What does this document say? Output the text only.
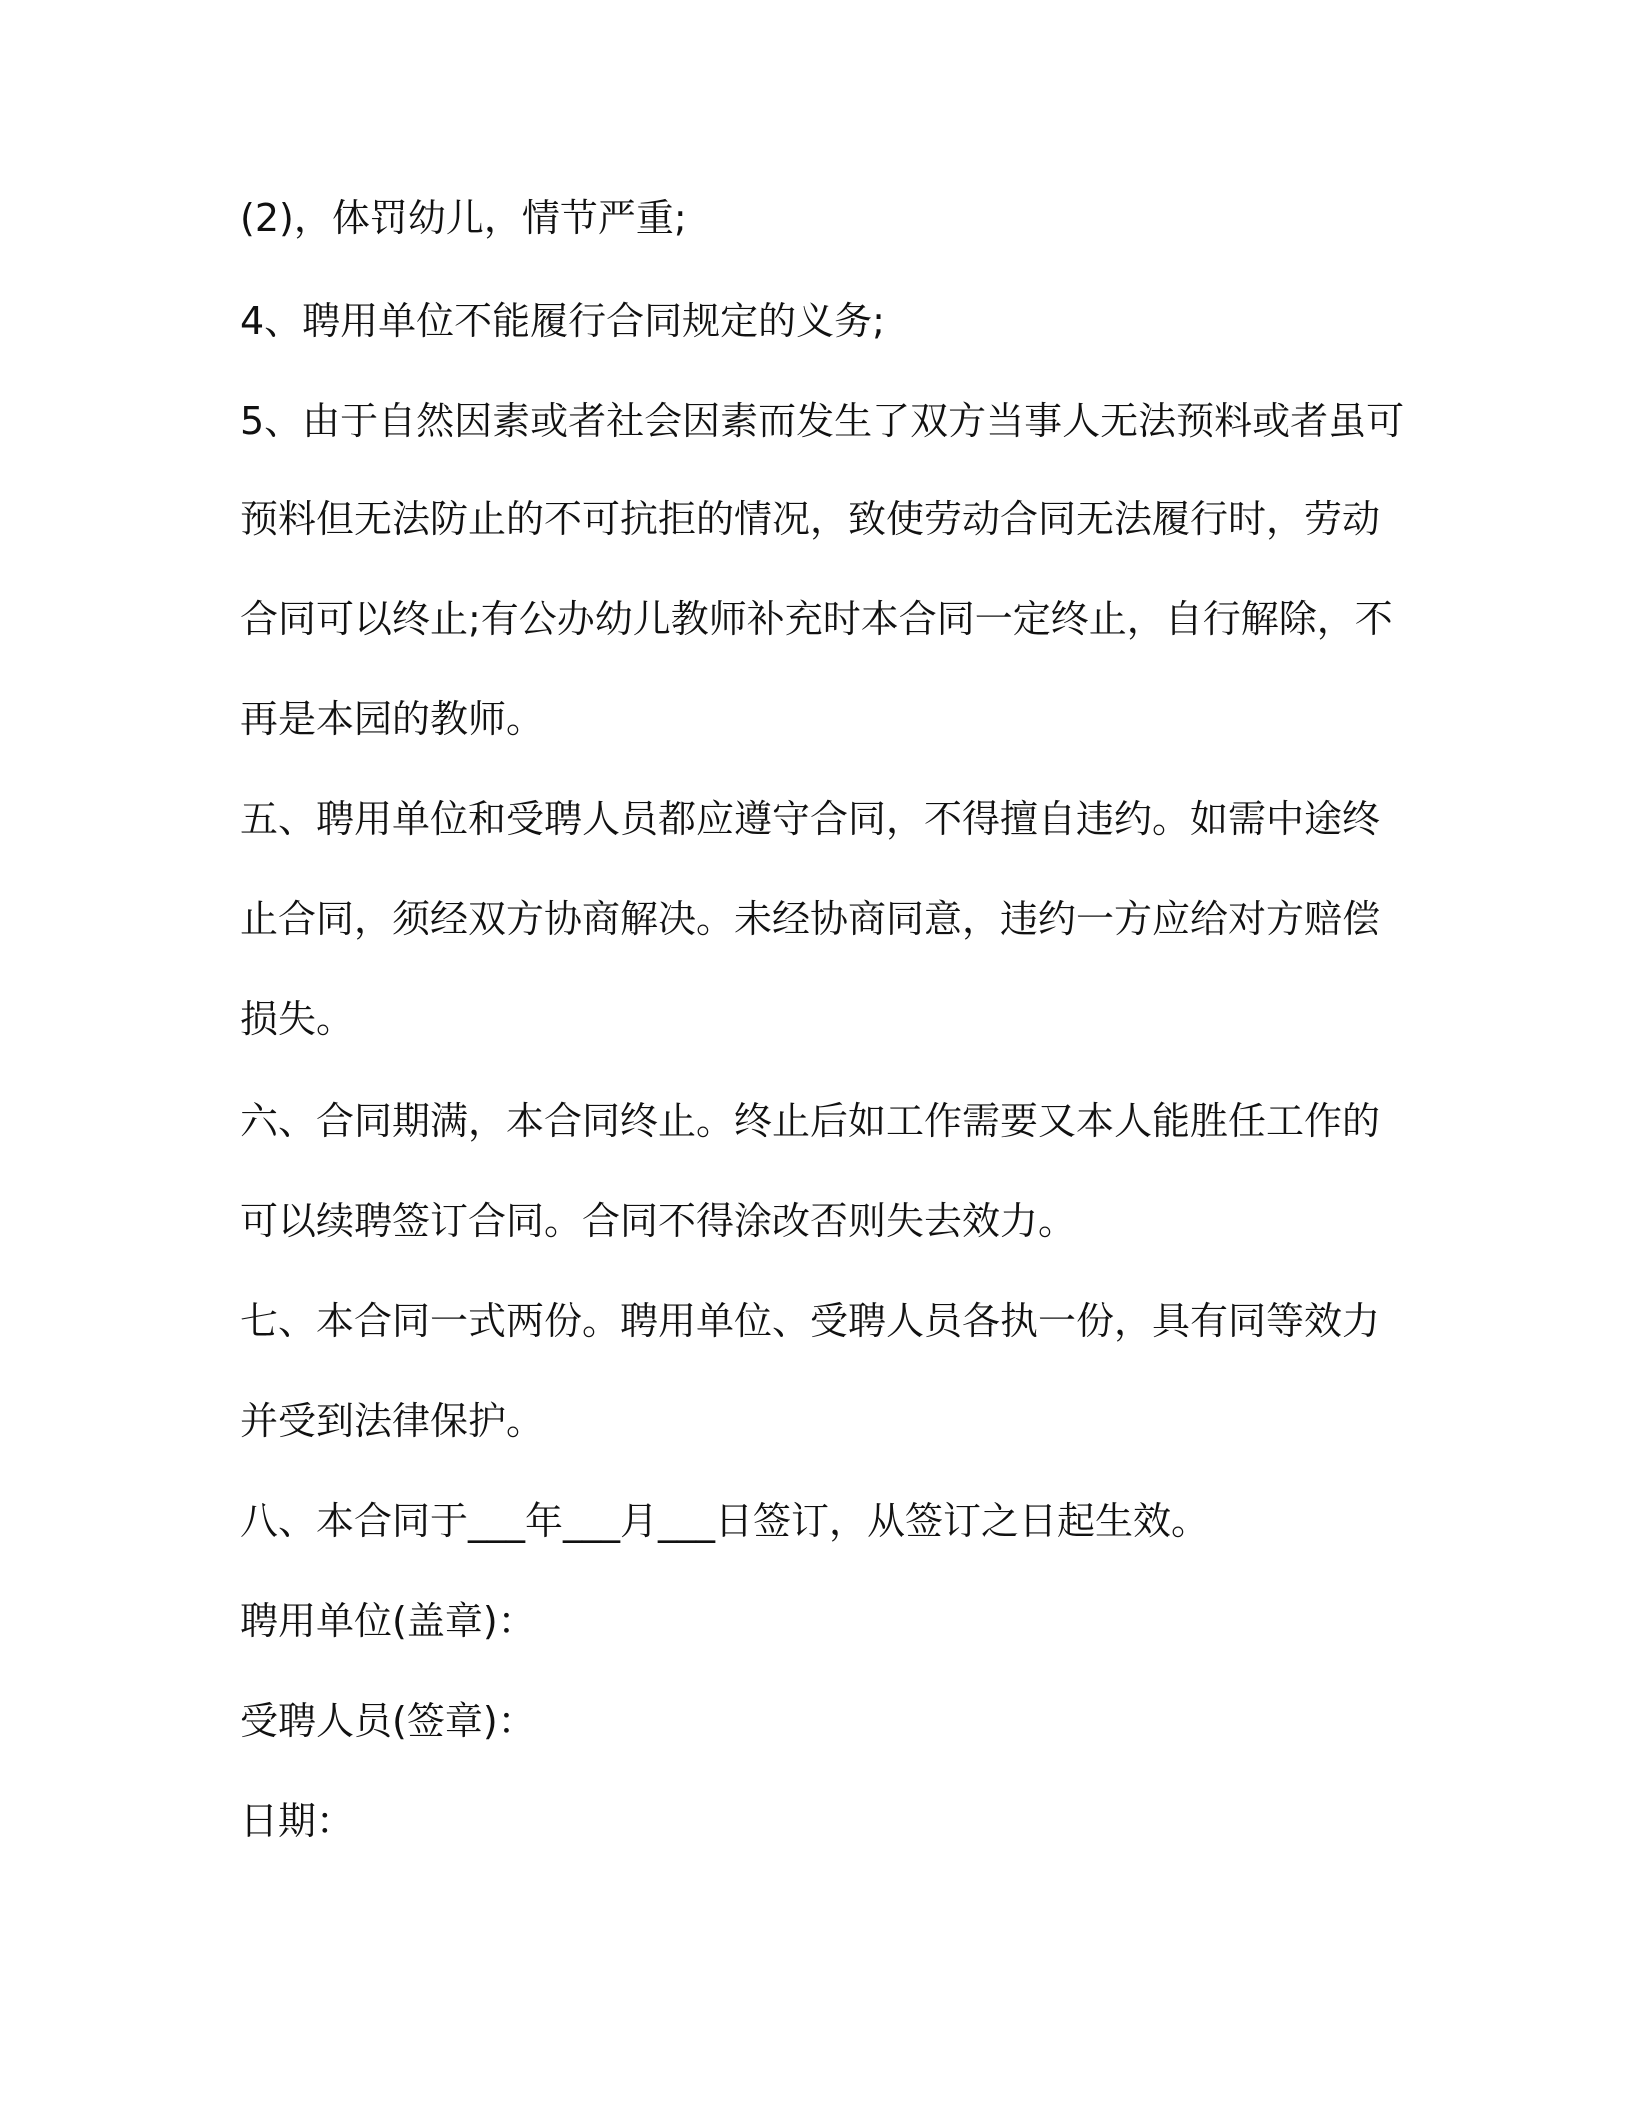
(2)，体罚幼儿，情节严重;
4、聘用单位不能履行合同规定的义务;
5、由于自然因素或者社会因素而发生了双方当事人无法预料或者虽可
预料但无法防止的不可抗拒的情况，致使劳动合同无法履行时，劳动
合同可以终止;有公办幼儿教师补充时本合同一定终止，自行解除，不
再是本园的教师。
五、聘用单位和受聘人员都应遵守合同，不得擅自违约。如需中途终
止合同，须经双方协商解决。未经协商同意，违约一方应给对方赔偿
损失。
六、合同期满，本合同终止。终止后如工作需要又本人能胜任工作的
可以续聘签订合同。合同不得涂改否则失去效力。
七、本合同一式两份。聘用单位、受聘人员各执一份，具有同等效力
并受到法律保护。
八、本合同于___年___月___日签订，从签订之日起生效。
聘用单位(盖章)：
受聘人员(签章)：
日期：
